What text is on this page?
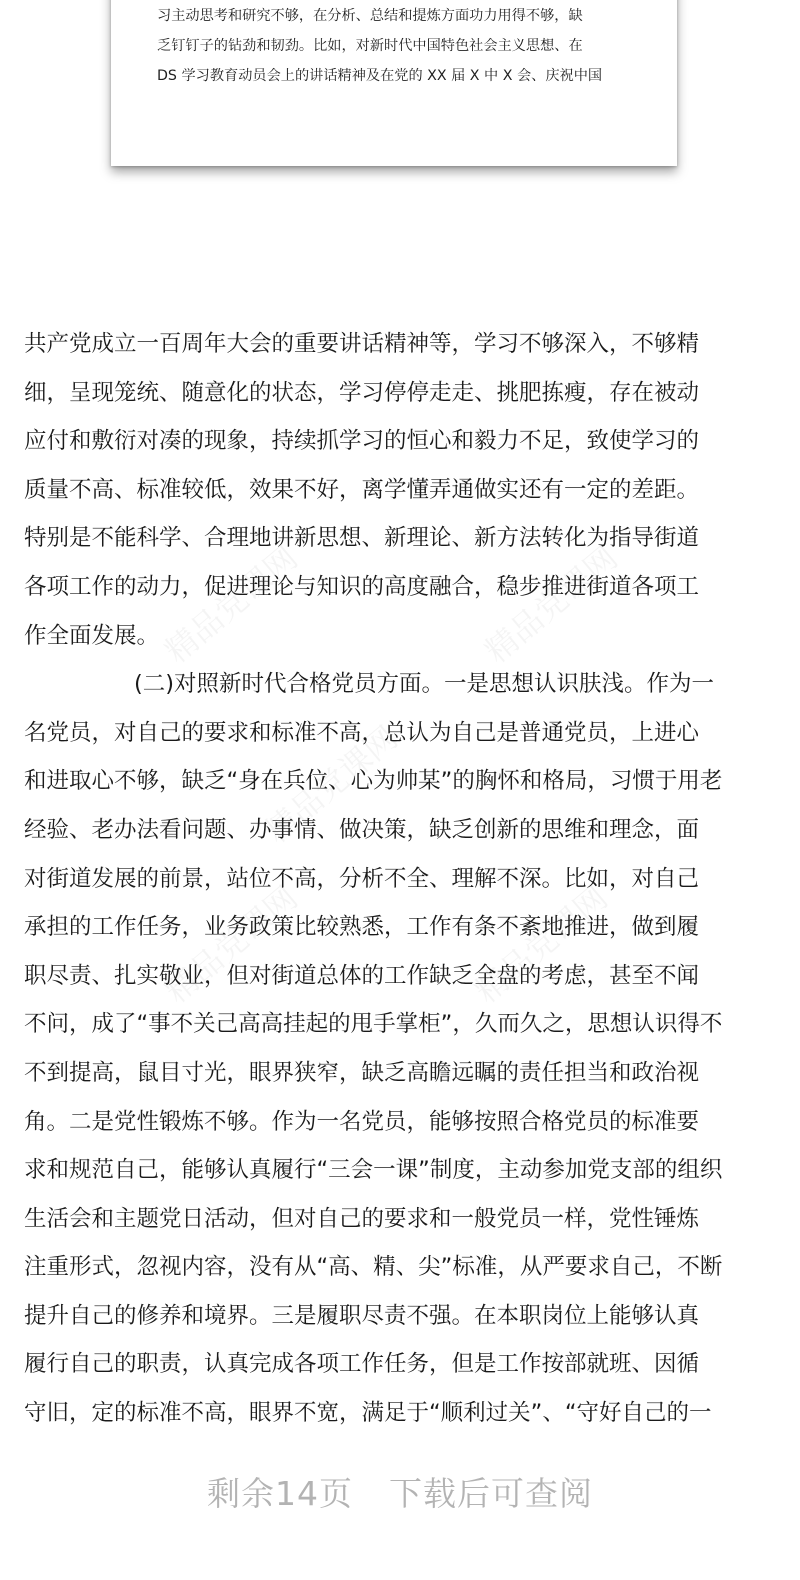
习主动思考和研究不够，在分析、总结和提炼方面功力用得不够，缺
乏钉钉子的钻劲和韧劲。比如，对新时代中国特色社会主义思想、在
DS 学习教育动员会上的讲话精神及在党的 XX 届 X 中 X 会、庆祝中国
共产党成立一百周年大会的重要讲话精神等，学习不够深入，不够精
细，呈现笼统、随意化的状态，学习停停走走、挑肥拣瘦，存在被动
应付和敷衍对凑的现象，持续抓学习的恒心和毅力不足，致使学习的
质量不高、标准较低，效果不好，离学懂弄通做实还有一定的差距。
特别是不能科学、合理地讲新思想、新理论、新方法转化为指导街道
各项工作的动力，促进理论与知识的高度融合，稳步推进街道各项工
作全面发展。
(二)对照新时代合格党员方面。一是思想认识肤浅。作为一
名党员，对自己的要求和标准不高，总认为自己是普通党员，上进心
和进取心不够，缺乏“身在兵位、心为帅某”的胸怀和格局，习惯于用老
经验、老办法看问题、办事情、做决策，缺乏创新的思维和理念，面
对街道发展的前景，站位不高，分析不全、理解不深。比如，对自己
承担的工作任务，业务政策比较熟悉，工作有条不紊地推进，做到履
职尽责、扎实敬业，但对街道总体的工作缺乏全盘的考虑，甚至不闻
不问，成了“事不关己高高挂起的甩手掌柜”，久而久之，思想认识得不
不到提高，鼠目寸光，眼界狭窄，缺乏高瞻远瞩的责任担当和政治视
角。二是党性锻炼不够。作为一名党员，能够按照合格党员的标准要
求和规范自己，能够认真履行“三会一课”制度，主动参加党支部的组织
生活会和主题党日活动，但对自己的要求和一般党员一样，党性锤炼
注重形式，忽视内容，没有从“高、精、尖”标准，从严要求自己，不断
提升自己的修养和境界。三是履职尽责不强。在本职岗位上能够认真
履行自己的职责，认真完成各项工作任务，但是工作按部就班、因循
守旧，定的标准不高，眼界不宽，满足于“顺利过关”、“守好自己的一
剩余14页 下载后可查阅
